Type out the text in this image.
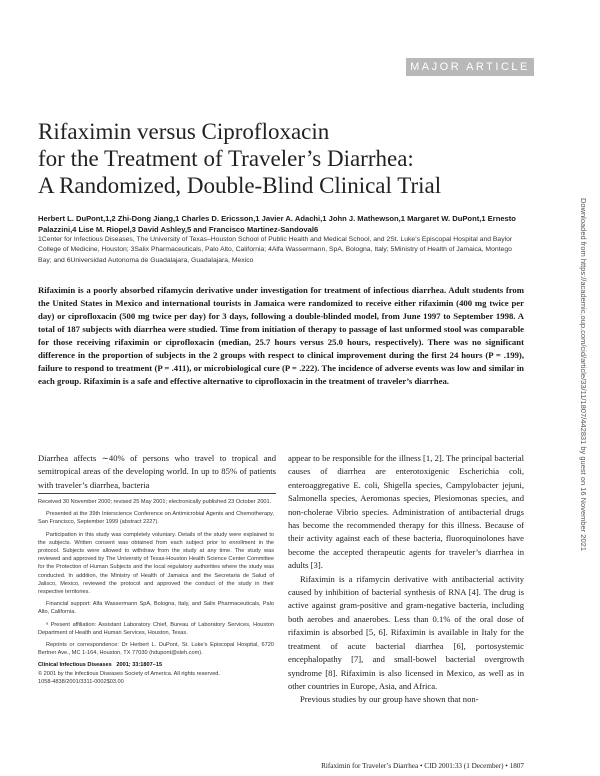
MAJOR ARTICLE
Rifaximin versus Ciprofloxacin
for the Treatment of Traveler’s Diarrhea:
A Randomized, Double-Blind Clinical Trial
Herbert L. DuPont,1,2 Zhi-Dong Jiang,1 Charles D. Ericsson,1 Javier A. Adachi,1 John J. Mathewson,1 Margaret W. DuPont,1 Ernesto Palazzini,4 Lise M. Riopel,3 David Ashley,5 and Francisco Martinez-Sandoval6
1Center for Infectious Diseases, The University of Texas–Houston School of Public Health and Medical School, and 2St. Luke’s Episcopal Hospital and Baylor College of Medicine, Houston; 3Salix Pharmaceuticals, Palo Alto, California; 4Alfa Wassermann, SpA, Bologna, Italy; 5Ministry of Health of Jamaica, Montego Bay; and 6Universidad Autonoma de Guadalajara, Guadalajara, Mexico
Rifaximin is a poorly absorbed rifamycin derivative under investigation for treatment of infectious diarrhea. Adult students from the United States in Mexico and international tourists in Jamaica were randomized to receive either rifaximin (400 mg twice per day) or ciprofloxacin (500 mg twice per day) for 3 days, following a double-blinded model, from June 1997 to September 1998. A total of 187 subjects with diarrhea were studied. Time from initiation of therapy to passage of last unformed stool was comparable for those receiving rifaximin or ciprofloxacin (median, 25.7 hours versus 25.0 hours, respectively). There was no significant difference in the proportion of subjects in the 2 groups with respect to clinical improvement during the first 24 hours (P = .199), failure to respond to treatment (P = .411), or microbiological cure (P = .222). The incidence of adverse events was low and similar in each group. Rifaximin is a safe and effective alternative to ciprofloxacin in the treatment of traveler’s diarrhea.

Diarrhea affects ∼40% of persons who travel to tropical and semitropical areas of the developing world. In up to 85% of patients with traveler’s diarrhea, bacteria

Received 30 November 2000; revised 25 May 2001; electronically published 23 October 2001.

Presented at the 39th Interscience Conference on Antimicrobial Agents and Chemotherapy, San Francisco, September 1999 (abstract 2227).

Participation in this study was completely voluntary. Details of the study were explained to the subjects. Written consent was obtained from each subject prior to enrollment in the protocol. Subjects were allowed to withdraw from the study at any time. The study was reviewed and approved by The University of Texas-Houston Health Science Center Committee for the Protection of Human Subjects and the local regulatory authorities where the study was conducted. In addition, the Ministry of Health of Jamaica and the Secretaria de Salud of Jalisco, Mexico, reviewed the protocol and approved the conduct of the study in their respective territories.

Financial support: Alfa Wassermann SpA, Bologna, Italy, and Salix Pharmaceuticals, Palo Alto, California.

ᵃ Present affiliation: Assistant Laboratory Chief, Bureau of Laboratory Services, Houston Department of Health and Human Services, Houston, Texas.

Reprints or correspondence: Dr Herbert L. DuPont, St. Luke’s Episcopal Hospital, 6720 Bertner Ave., MC 1-164, Houston, TX 77030 (hdupont@sleh.com).

Clinical Infectious Diseases 2001; 33:1807–15

© 2001 by the Infectious Diseases Society of America. All rights reserved.

1058-4838/2001/3311-0002$03.00

appear to be responsible for the illness [1, 2]. The principal bacterial causes of diarrhea are enterotoxigenic Escherichia coli, enteroaggregative E. coli, Shigella species, Campylobacter jejuni, Salmonella species, Aeromonas species, Plesiomonas species, and non-cholerae Vibrio species. Administration of antibacterial drugs has become the recommended therapy for this illness. Because of their activity against each of these bacteria, fluoroquinolones have become the accepted therapeutic agents for traveler’s diarrhea in adults [3].

Rifaximin is a rifamycin derivative with antibacterial activity caused by inhibition of bacterial synthesis of RNA [4]. The drug is active against gram-positive and gram-negative bacteria, including both aerobes and anaerobes. Less than 0.1% of the oral dose of rifaximin is absorbed [5, 6]. Rifaximin is available in Italy for the treatment of acute bacterial diarrhea [6], portosystemic encephalopathy [7], and small-bowel bacterial overgrowth syndrome [8]. Rifaximin is also licensed in Mexico, as well as in other countries in Europe, Asia, and Africa.

Previous studies by our group have shown that non-

Rifaximin for Traveler’s Diarrhea • CID 2001:33 (1 December) • 1807
Downloaded from https://academic.oup.com/cid/article/33/11/1807/442831 by guest on 16 November 2021
